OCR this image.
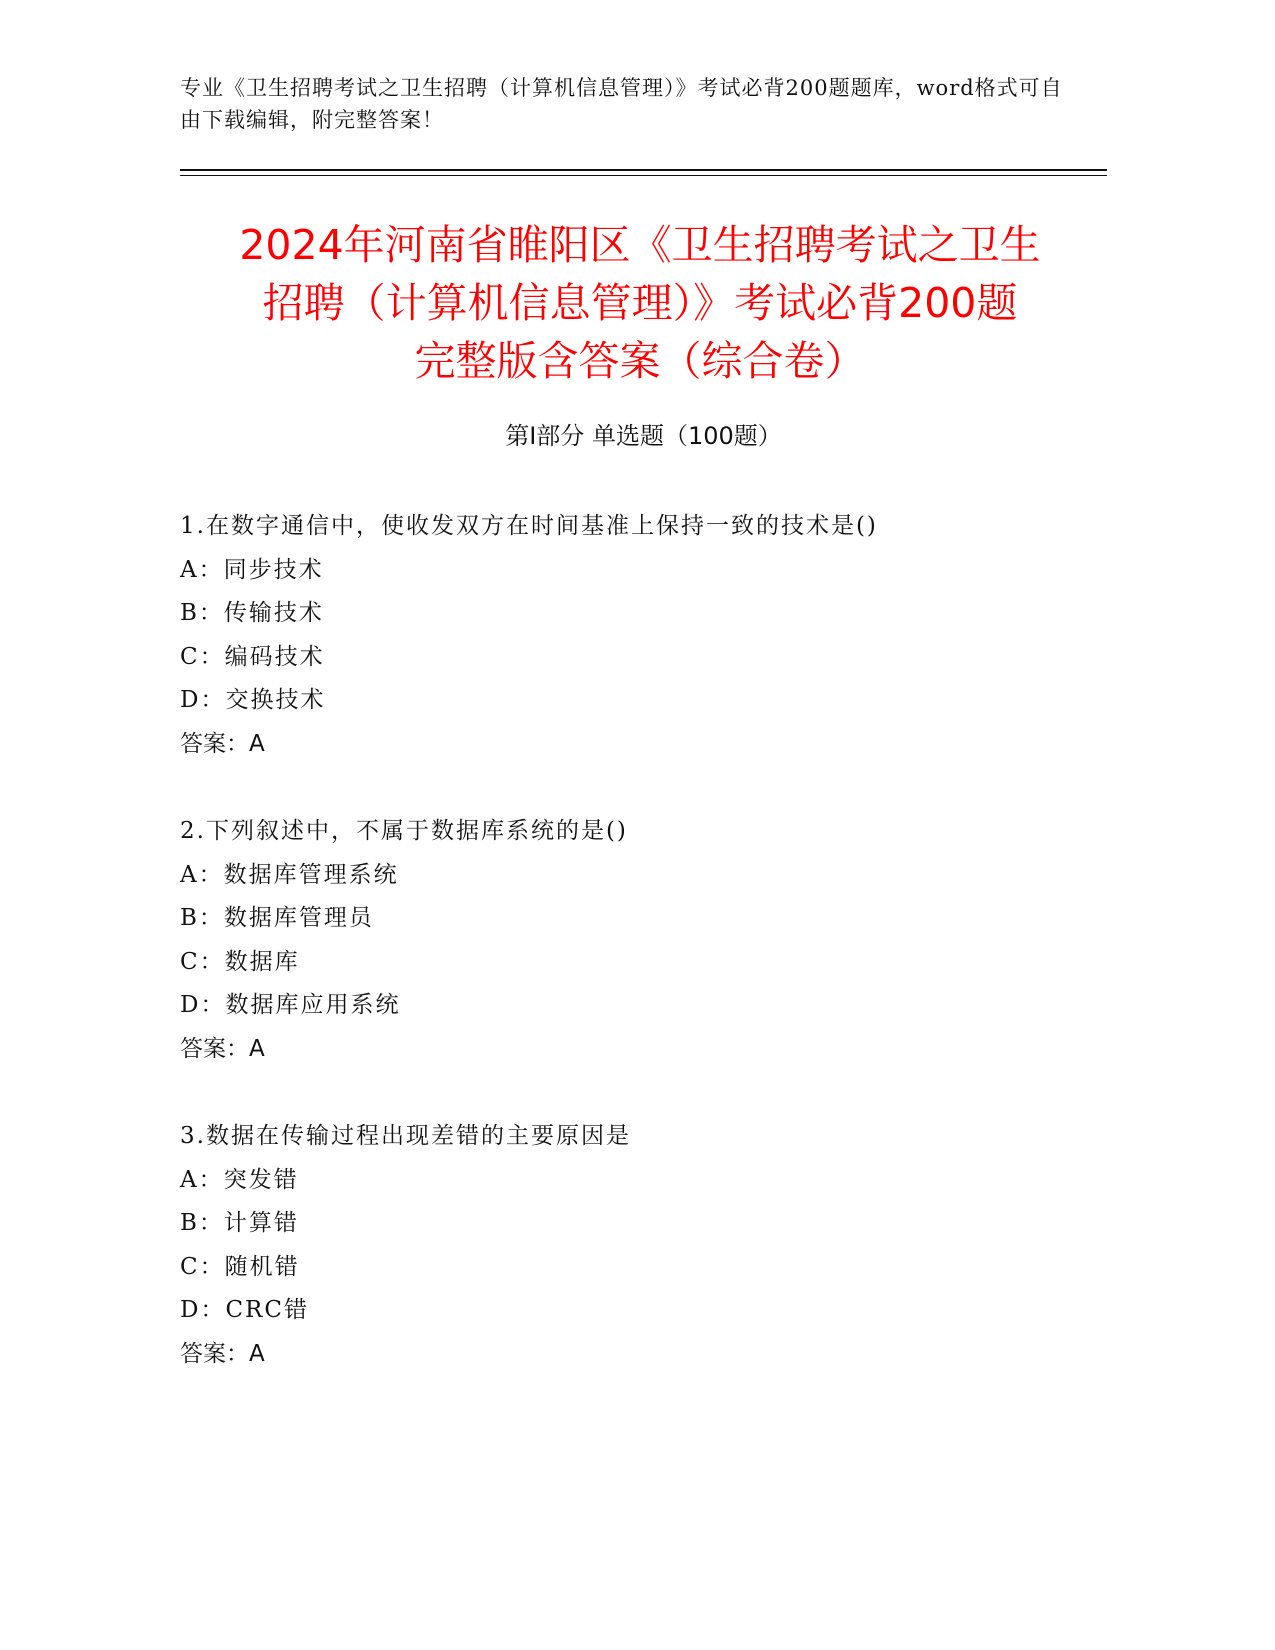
专业《卫生招聘考试之卫生招聘（计算机信息管理）》考试必背200题题库，word格式可自由下载编辑，附完整答案！
2024年河南省睢阳区《卫生招聘考试之卫生
招聘（计算机信息管理）》考试必背200题
完整版含答案（综合卷）
第Ⅰ部分 单选题（100题）
1.在数字通信中，使收发双方在时间基准上保持一致的技术是()
A：同步技术
B：传输技术
C：编码技术
D：交换技术
答案：A
2.下列叙述中，不属于数据库系统的是()
A：数据库管理系统
B：数据库管理员
C：数据库
D：数据库应用系统
答案：A
3.数据在传输过程出现差错的主要原因是
A：突发错
B：计算错
C：随机错
D：CRC错
答案：A
